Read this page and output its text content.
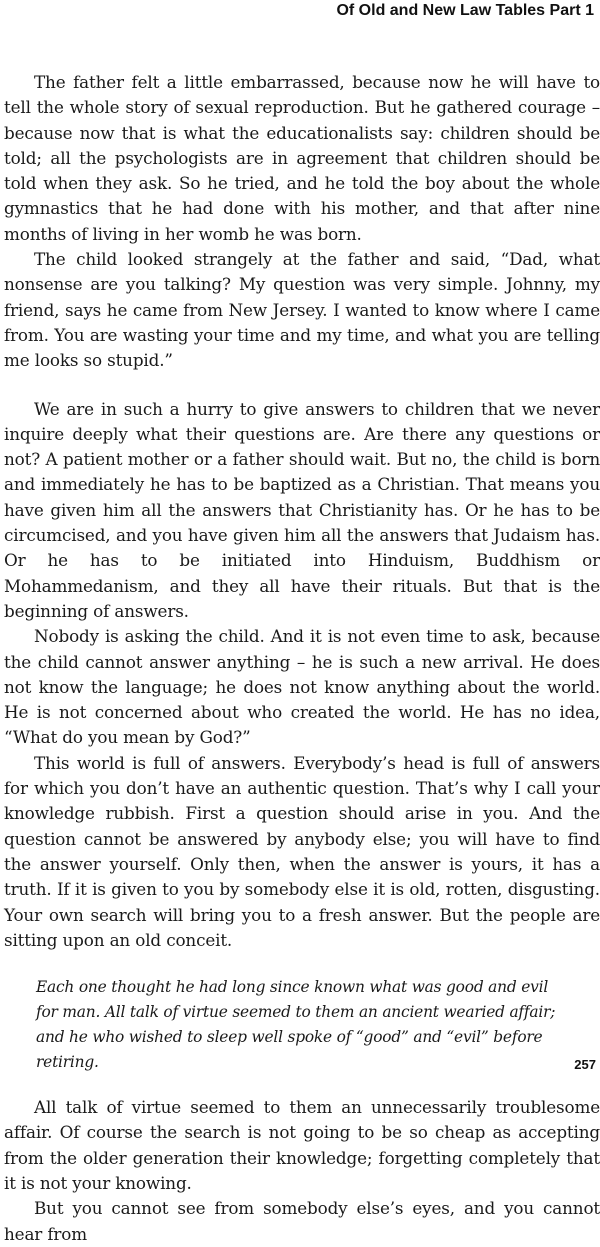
Of Old and New Law Tables Part 1

The father felt a little embarrassed, because now he will have to tell the whole story of sexual reproduction. But he gathered courage – because now that is what the educationalists say: children should be told; all the psychologists are in agreement that children should be told when they ask. So he tried, and he told the boy about the whole gymnastics that he had done with his mother, and that after nine months of living in her womb he was born.

The child looked strangely at the father and said, “Dad, what nonsense are you talking? My question was very simple. Johnny, my friend, says he came from New Jersey. I wanted to know where I came from. You are wasting your time and my time, and what you are telling me looks so stupid.”

We are in such a hurry to give answers to children that we never inquire deeply what their questions are. Are there any questions or not? A patient mother or a father should wait. But no, the child is born and immediately he has to be baptized as a Christian. That means you have given him all the answers that Christianity has. Or he has to be circumcised, and you have given him all the answers that Judaism has. Or he has to be initiated into Hinduism, Buddhism or Mohammedanism, and they all have their rituals. But that is the beginning of answers.

Nobody is asking the child. And it is not even time to ask, because the child cannot answer anything – he is such a new arrival. He does not know the language; he does not know anything about the world. He is not concerned about who created the world. He has no idea, “What do you mean by God?”

This world is full of answers. Everybody’s head is full of answers for which you don’t have an authentic question. That’s why I call your knowledge rubbish. First a question should arise in you. And the question cannot be answered by anybody else; you will have to find the answer yourself. Only then, when the answer is yours, it has a truth. If it is given to you by somebody else it is old, rotten, disgusting. Your own search will bring you to a fresh answer. But the people are sitting upon an old conceit.

Each one thought he had long since known what was good and evil for man. All talk of virtue seemed to them an ancient wearied affair; and he who wished to sleep well spoke of “good” and “evil” before retiring.

All talk of virtue seemed to them an unnecessarily troublesome affair. Of course the search is not going to be so cheap as accepting from the older generation their knowledge; forgetting completely that it is not your knowing.

But you cannot see from somebody else’s eyes, and you cannot hear from

257
